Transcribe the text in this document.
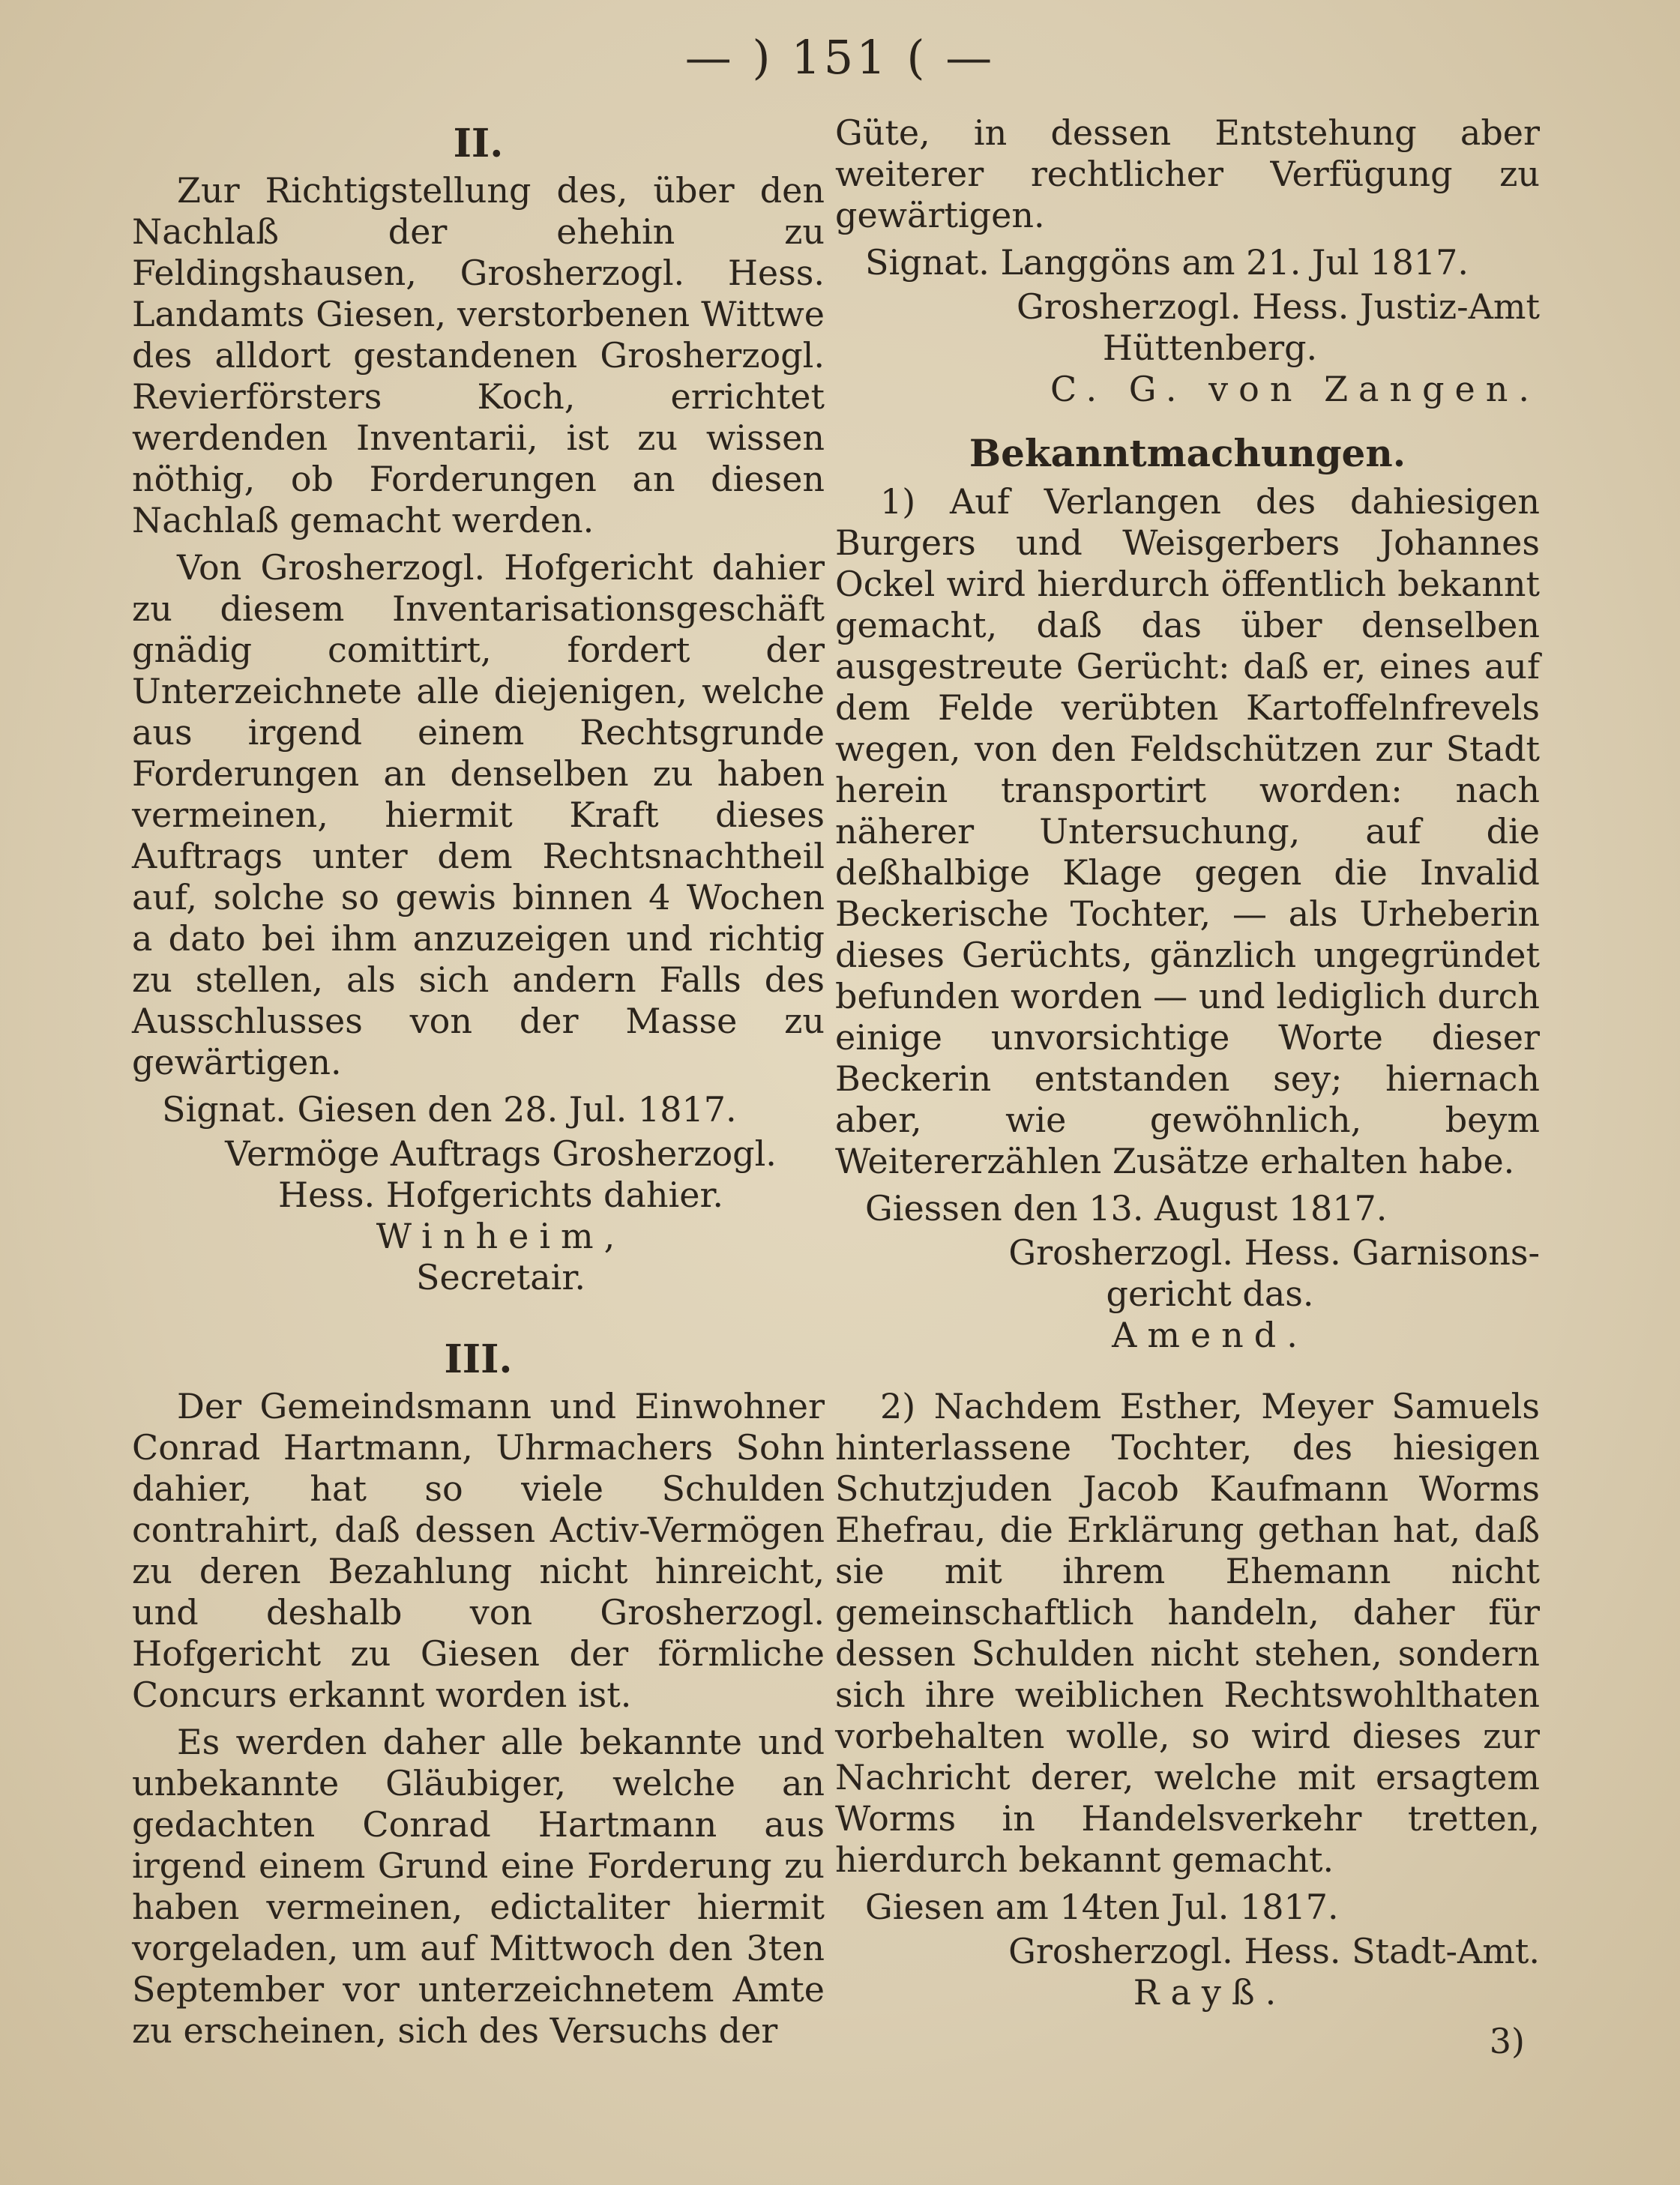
— ) 151 ( —
II.

Zur Richtigstellung des, über den Nachlaß der ehehin zu Feldingshausen, Grosherzogl. Hess. Landamts Giesen, verstorbenen Wittwe des alldort gestandenen Grosherzogl. Revierförsters Koch, errichtet werdenden Inventarii, ist zu wissen nöthig, ob Forderungen an diesen Nachlaß gemacht werden.

Von Grosherzogl. Hofgericht dahier zu diesem Inventarisationsgeschäft gnädig comittirt, fordert der Unterzeichnete alle diejenigen, welche aus irgend einem Rechtsgrunde Forderungen an denselben zu haben vermeinen, hiermit Kraft dieses Auftrags unter dem Rechtsnachtheil auf, solche so gewis binnen 4 Wochen a dato bei ihm anzuzeigen und richtig zu stellen, als sich andern Falls des Ausschlusses von der Masse zu gewärtigen.

Signat. Giesen den 28. Jul. 1817.

Vermöge Auftrags Grosherzogl.

Hess. Hofgerichts dahier.

Winheim,

Secretair.

III.

Der Gemeindsmann und Einwohner Conrad Hartmann, Uhrmachers Sohn dahier, hat so viele Schulden contrahirt, daß dessen Activ-Vermögen zu deren Bezahlung nicht hinreicht, und deshalb von Grosherzogl. Hofgericht zu Giesen der förmliche Concurs erkannt worden ist.

Es werden daher alle bekannte und unbekannte Gläubiger, welche an gedachten Conrad Hartmann aus irgend einem Grund eine Forderung zu haben vermeinen, edictaliter hiermit vorgeladen, um auf Mittwoch den 3ten September vor unterzeichnetem Amte zu erscheinen, sich des Versuchs der

Güte, in dessen Entstehung aber weiterer rechtlicher Verfügung zu gewärtigen.

Signat. Langgöns am 21. Jul 1817.

Grosherzogl. Hess. Justiz-Amt

Hüttenberg.

C. G. von Zangen.

Bekanntmachungen.

1) Auf Verlangen des dahiesigen Burgers und Weisgerbers Johannes Ockel wird hierdurch öffentlich bekannt gemacht, daß das über denselben ausgestreute Gerücht: daß er, eines auf dem Felde verübten Kartoffelnfrevels wegen, von den Feldschützen zur Stadt herein transportirt worden: nach näherer Untersuchung, auf die deßhalbige Klage gegen die Invalid Beckerische Tochter, — als Urheberin dieses Gerüchts, gänzlich ungegründet befunden worden — und lediglich durch einige unvorsichtige Worte dieser Beckerin entstanden sey; hiernach aber, wie gewöhnlich, beym Weitererzählen Zusätze erhalten habe.

Giessen den 13. August 1817.

Grosherzogl. Hess. Garnisons-

gericht das.

Amend.

2) Nachdem Esther, Meyer Samuels hinterlassene Tochter, des hiesigen Schutzjuden Jacob Kaufmann Worms Ehefrau, die Erklärung gethan hat, daß sie mit ihrem Ehemann nicht gemeinschaftlich handeln, daher für dessen Schulden nicht stehen, sondern sich ihre weiblichen Rechtswohlthaten vorbehalten wolle, so wird dieses zur Nachricht derer, welche mit ersagtem Worms in Handelsverkehr tretten, hierdurch bekannt gemacht.

Giesen am 14ten Jul. 1817.

Grosherzogl. Hess. Stadt-Amt.

Rayß.

3)
